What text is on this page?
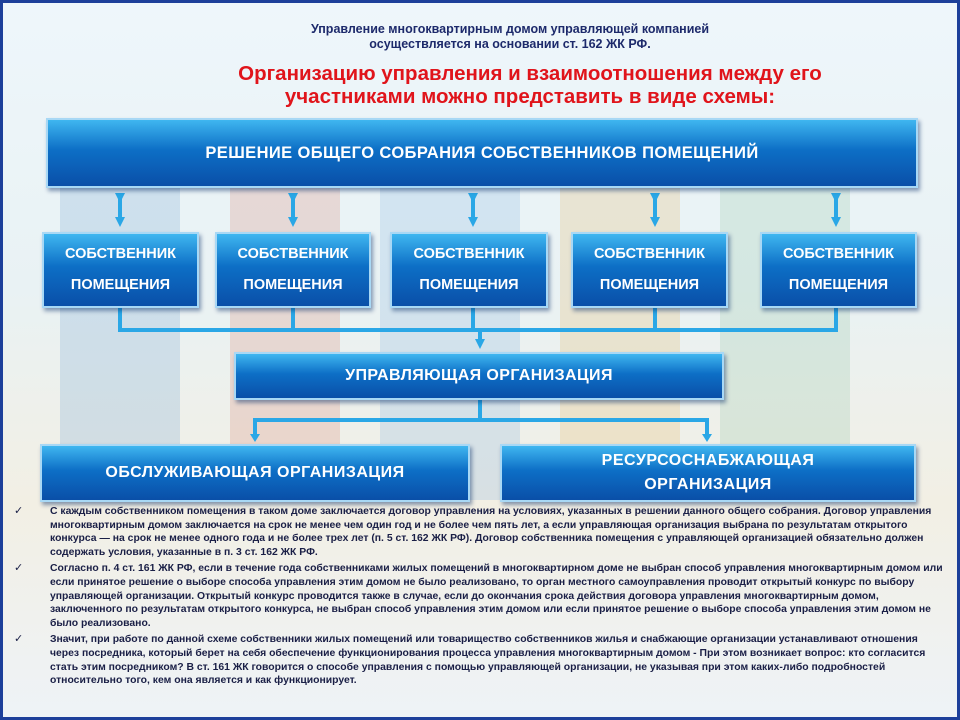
Управление многоквартирным домом управляющей компанией
осуществляется на основании ст. 162 ЖК РФ.
Организацию управления и взаимоотношения между его
участниками можно представить в виде схемы:
РЕШЕНИЕ ОБЩЕГО СОБРАНИЯ СОБСТВЕННИКОВ ПОМЕЩЕНИЙ
СОБСТВЕННИК
ПОМЕЩЕНИЯ
СОБСТВЕННИК
ПОМЕЩЕНИЯ
СОБСТВЕННИК
ПОМЕЩЕНИЯ
СОБСТВЕННИК
ПОМЕЩЕНИЯ
СОБСТВЕННИК
ПОМЕЩЕНИЯ
УПРАВЛЯЮЩАЯ ОРГАНИЗАЦИЯ
ОБСЛУЖИВАЮЩАЯ ОРГАНИЗАЦИЯ
РЕСУРСОСНАБЖАЮЩАЯ
ОРГАНИЗАЦИЯ
✓	С каждым собственником помещения в таком доме заключается договор управления на условиях, указанных в решении данного общего собрания. Договор управления многоквартирным домом заключается на срок не менее чем один год и не более чем пять лет, а если управляющая организация выбрана по результатам открытого конкурса — на срок не менее одного года и не более трех лет (п. 5 ст. 162 ЖК РФ). Договор собственника помещения с управляющей организацией обязательно должен содержать условия, указанные в п. 3 ст. 162 ЖК РФ.
✓	Согласно п. 4 ст. 161 ЖК РФ, если в течение года собственниками жилых помещений в многоквартирном доме не выбран способ управления многоквартирным домом или если принятое решение о выборе способа управления этим домом не было реализовано, то орган местного самоуправления проводит открытый конкурс по выбору управляющей организации. Открытый конкурс проводится также в случае, если до окончания срока действия договора управления многоквартирным домом, заключенного по результатам открытого конкурса, не выбран способ управления этим домом или если принятое решение о выборе способа управления этим домом не было реализовано.
✓	Значит, при работе по данной схеме собственники жилых помещений или товарищество собственников жилья и снабжающие организации устанавливают отношения через посредника, который берет на себя обеспечение функционирования процесса управления многоквартирным домом - При этом возникает вопрос: кто согласится стать этим посредником? В ст. 161 ЖК говорится о способе управления с помощью управляющей организации, не указывая при этом каких-либо подробностей относительно того, кем она является и как функционирует.
